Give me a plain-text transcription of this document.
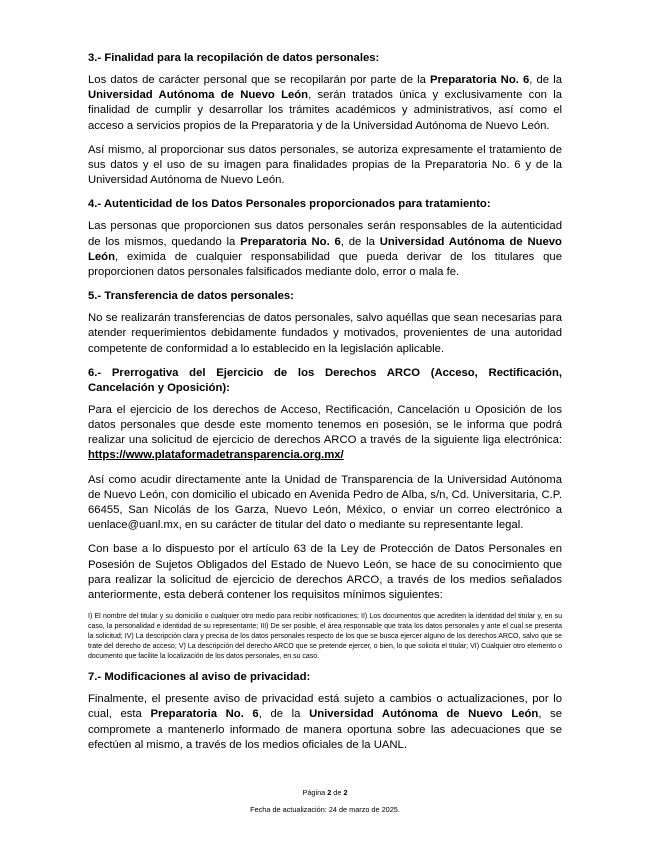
3.- Finalidad para la recopilación de datos personales:

Los datos de carácter personal que se recopilarán por parte de la Preparatoria No. 6, de la Universidad Autónoma de Nuevo León, serán tratados única y exclusivamente con la finalidad de cumplir y desarrollar los trámites académicos y administrativos, así como el acceso a servicios propios de la Preparatoria y de la Universidad Autónoma de Nuevo León.

Así mismo, al proporcionar sus datos personales, se autoriza expresamente el tratamiento de sus datos y el uso de su imagen para finalidades propias de la Preparatoria No. 6 y de la Universidad Autónoma de Nuevo León.

4.- Autenticidad de los Datos Personales proporcionados para tratamiento:

Las personas que proporcionen sus datos personales serán responsables de la autenticidad de los mismos, quedando la Preparatoria No. 6, de la Universidad Autónoma de Nuevo León, eximida de cualquier responsabilidad que pueda derivar de los titulares que proporcionen datos personales falsificados mediante dolo, error o mala fe.

5.- Transferencia de datos personales:

No se realizarán transferencias de datos personales, salvo aquéllas que sean necesarias para atender requerimientos debidamente fundados y motivados, provenientes de una autoridad competente de conformidad a lo establecido en la legislación aplicable.

6.- Prerrogativa del Ejercicio de los Derechos ARCO (Acceso, Rectificación, Cancelación y Oposición):

Para el ejercicio de los derechos de Acceso, Rectificación, Cancelación u Oposición de los datos personales que desde este momento tenemos en posesión, se le informa que podrá realizar una solicitud de ejercicio de derechos ARCO a través de la siguiente liga electrónica: https://www.plataformadetransparencia.org.mx/

Así como acudir directamente ante la Unidad de Transparencia de la Universidad Autónoma de Nuevo León, con domicilio el ubicado en Avenida Pedro de Alba, s/n, Cd. Universitaria, C.P. 66455, San Nicolás de los Garza, Nuevo León, México, o enviar un correo electrónico a uenlace@uanl.mx, en su carácter de titular del dato o mediante su representante legal.

Con base a lo dispuesto por el artículo 63 de la Ley de Protección de Datos Personales en Posesión de Sujetos Obligados del Estado de Nuevo León, se hace de su conocimiento que para realizar la solicitud de ejercicio de derechos ARCO, a través de los medios señalados anteriormente, esta deberá contener los requisitos mínimos siguientes:

I) El nombre del titular y su domicilio o cualquier otro medio para recibir notificaciones; II) Los documentos que acrediten la identidad del titular y, en su caso, la personalidad e identidad de su representante; III) De ser posible, el área responsable que trata los datos personales y ante el cual se presenta la solicitud; IV) La descripción clara y precisa de los datos personales respecto de los que se busca ejercer alguno de los derechos ARCO, salvo que se trate del derecho de acceso; V) La descripción del derecho ARCO que se pretende ejercer, o bien, lo que solicita el titular; VI) Cualquier otro elemento o documento que facilite la localización de los datos personales, en su caso.

7.- Modificaciones al aviso de privacidad:

Finalmente, el presente aviso de privacidad está sujeto a cambios o actualizaciones, por lo cual, esta Preparatoria No. 6, de la Universidad Autónoma de Nuevo León, se compromete a mantenerlo informado de manera oportuna sobre las adecuaciones que se efectúen al mismo, a través de los medios oficiales de la UANL.

Página 2 de 2
Fecha de actualización: 24 de marzo de 2025.
